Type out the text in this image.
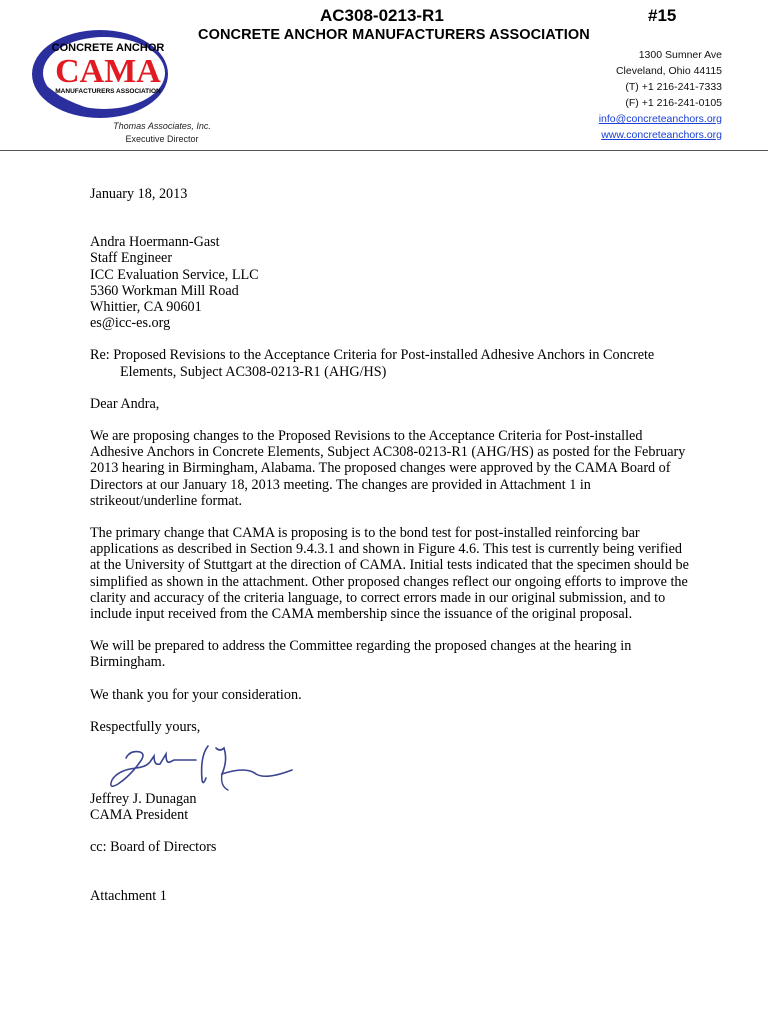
AC308-0213-R1	#15
CONCRETE ANCHOR MANUFACTURERS ASSOCIATION
CONCRETE ANCHOR
CAMA
MANUFACTURERS ASSOCIATION
Thomas Associates, Inc.
Executive Director
1300 Sumner Ave
Cleveland, Ohio 44115
(T) +1 216-241-7333
(F) +1 216-241-0105
info@concreteanchors.org
www.concreteanchors.org

January 18, 2013

Andra Hoermann-Gast
Staff Engineer
ICC Evaluation Service, LLC
5360 Workman Mill Road
Whittier, CA 90601
es@icc-es.org
Re: Proposed Revisions to the Acceptance Criteria for Post-installed Adhesive Anchors in Concrete
Elements, Subject AC308-0213-R1 (AHG/HS)

Dear Andra,

We are proposing changes to the Proposed Revisions to the Acceptance Criteria for Post-installed Adhesive Anchors in Concrete Elements, Subject AC308-0213-R1 (AHG/HS) as posted for the February 2013 hearing in Birmingham, Alabama. The proposed changes were approved by the CAMA Board of Directors at our January 18, 2013 meeting. The changes are provided in Attachment 1 in strikeout/underline format.

The primary change that CAMA is proposing is to the bond test for post-installed reinforcing bar applications as described in Section 9.4.3.1 and shown in Figure 4.6. This test is currently being verified at the University of Stuttgart at the direction of CAMA. Initial tests indicated that the specimen should be simplified as shown in the attachment. Other proposed changes reflect our ongoing efforts to improve the clarity and accuracy of the criteria language, to correct errors made in our original submission, and to include input received from the CAMA membership since the issuance of the original proposal.

We will be prepared to address the Committee regarding the proposed changes at the hearing in Birmingham.

We thank you for your consideration.

Respectfully yours,

Jeffrey J. Dunagan
CAMA President

cc: Board of Directors

Attachment 1
